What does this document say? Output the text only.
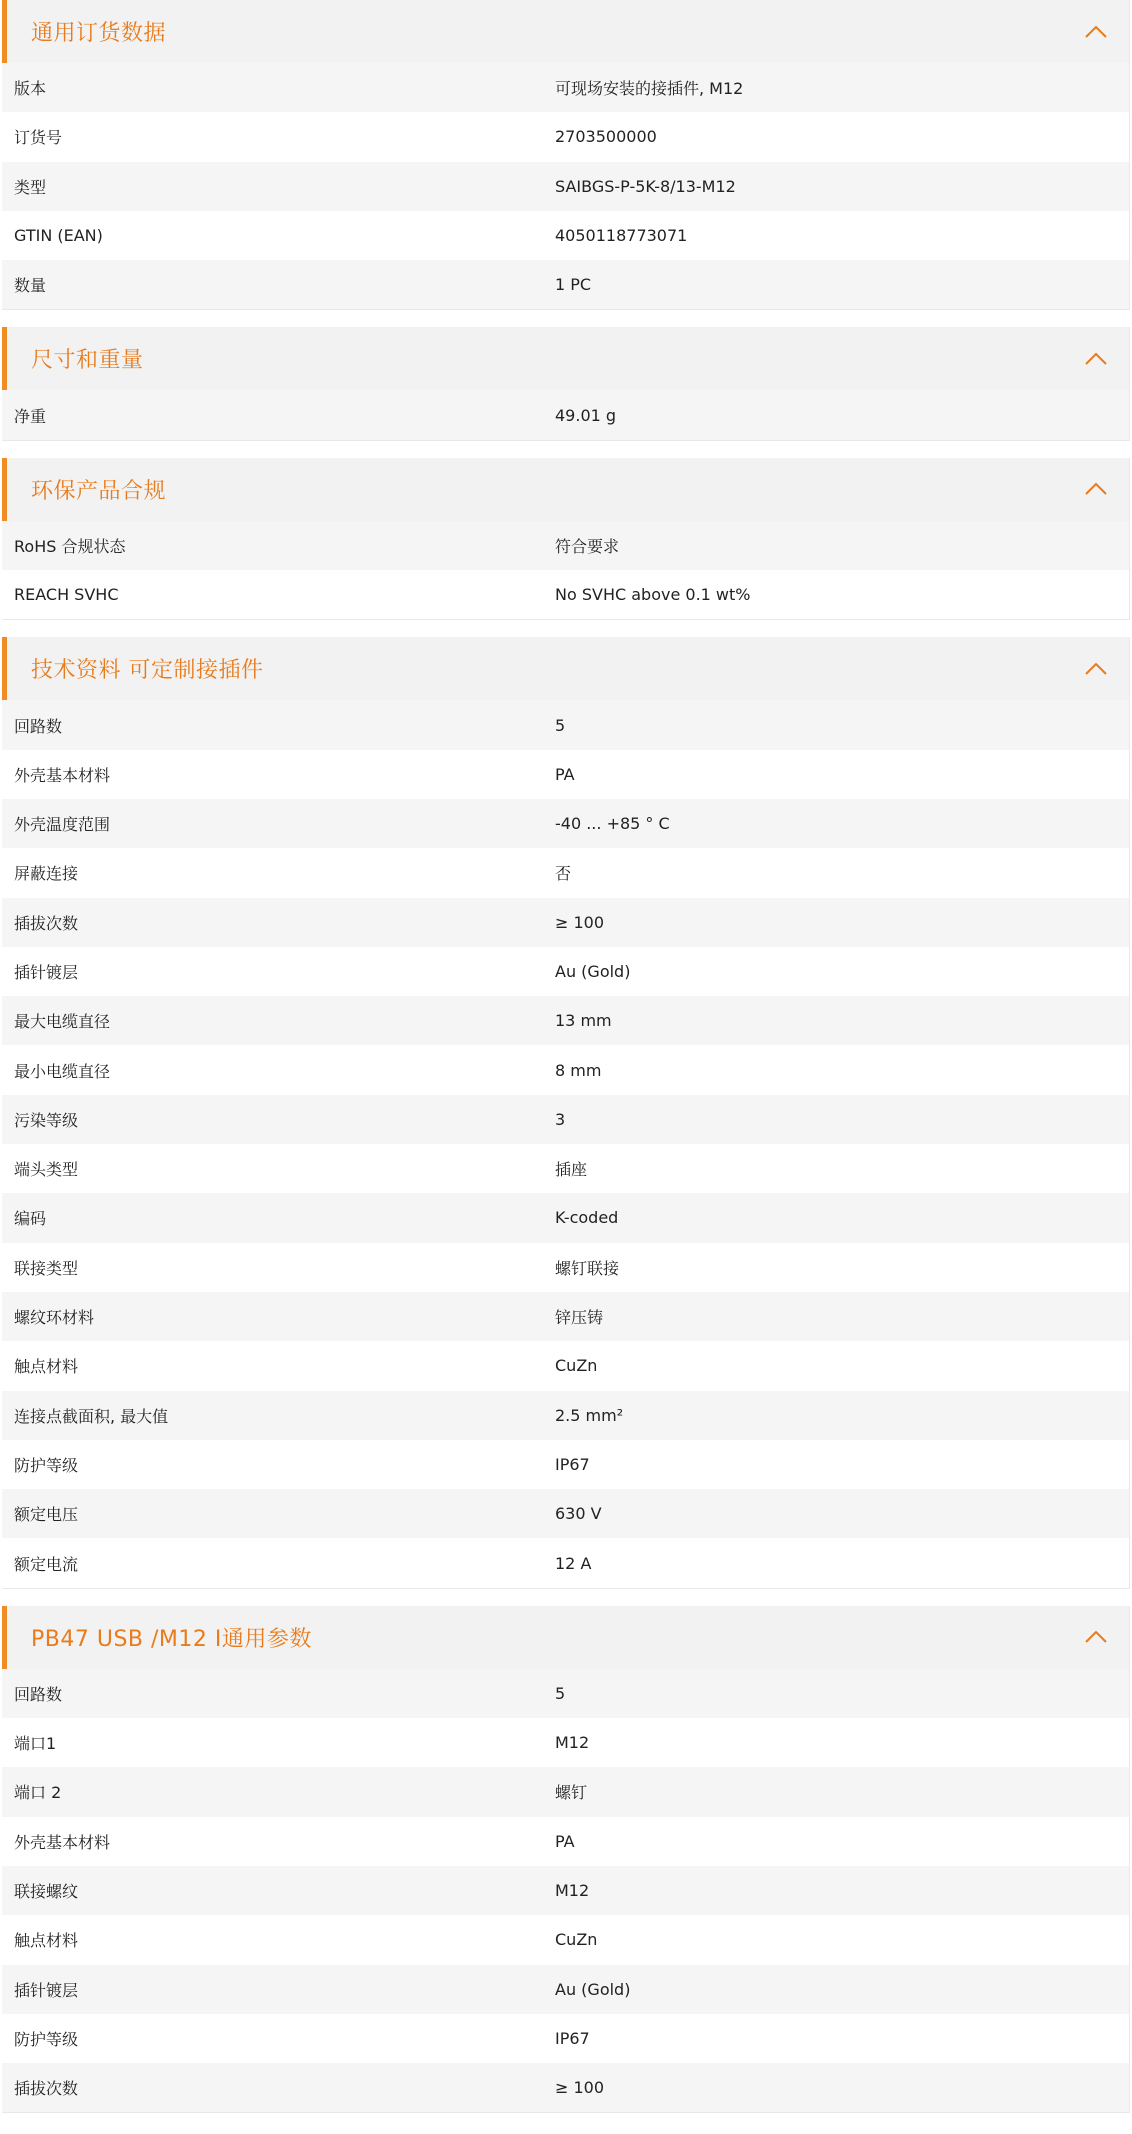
通用订货数据
版本	可现场安装的接插件, M12
订货号	2703500000
类型	SAIBGS-P-5K-8/13-M12
GTIN (EAN)	4050118773071
数量	1 PC
尺寸和重量
净重	49.01 g
环保产品合规
RoHS 合规状态	符合要求
REACH SVHC	No SVHC above 0.1 wt%
技术资料 可定制接插件
回路数	5
外壳基本材料	PA
外壳温度范围	-40 ... +85 ° C
屏蔽连接	否
插拔次数	≥ 100
插针镀层	Au (Gold)
最大电缆直径	13 mm
最小电缆直径	8 mm
污染等级	3
端头类型	插座
编码	K-coded
联接类型	螺钉联接
螺纹环材料	锌压铸
触点材料	CuZn
连接点截面积, 最大值	2.5 mm²
防护等级	IP67
额定电压	630 V
额定电流	12 A
PB47 USB /M12 I通用参数
回路数	5
端口1	M12
端口 2	螺钉
外壳基本材料	PA
联接螺纹	M12
触点材料	CuZn
插针镀层	Au (Gold)
防护等级	IP67
插拔次数	≥ 100
